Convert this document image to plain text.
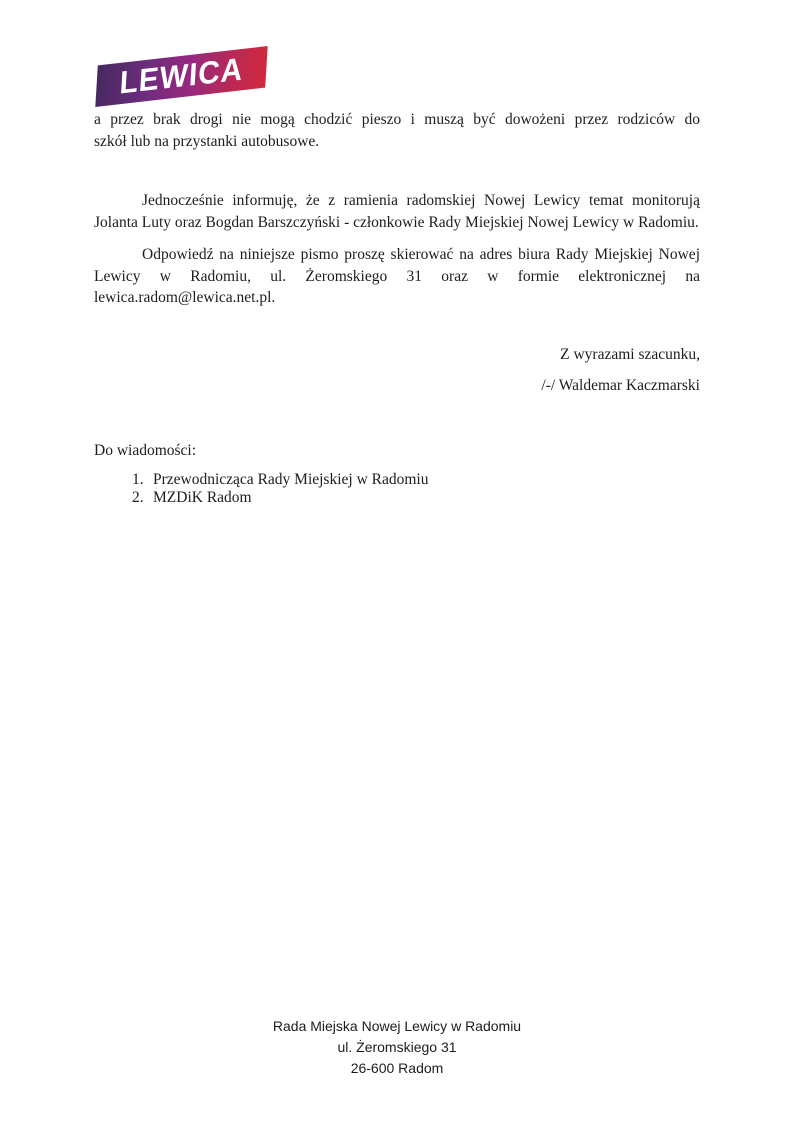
LEWICA
a przez brak drogi nie mogą chodzić pieszo i muszą być dowożeni przez rodziców do
szkół lub na przystanki autobusowe.
Jednocześnie informuję, że z ramienia radomskiej Nowej Lewicy temat monitorują
Jolanta Luty oraz Bogdan Barszczyński - członkowie Rady Miejskiej Nowej Lewicy w Radomiu.
Odpowiedź na niniejsze pismo proszę skierować na adres biura Rady Miejskiej Nowej
Lewicy w Radomiu, ul. Żeromskiego 31 oraz w formie elektronicznej na
lewica.radom@lewica.net.pl.
Z wyrazami szacunku,
/-/ Waldemar Kaczmarski
Do wiadomości:
1. Przewodnicząca Rady Miejskiej w Radomiu
2. MZDiK Radom
Rada Miejska Nowej Lewicy w Radomiu
ul. Żeromskiego 31
26-600 Radom
